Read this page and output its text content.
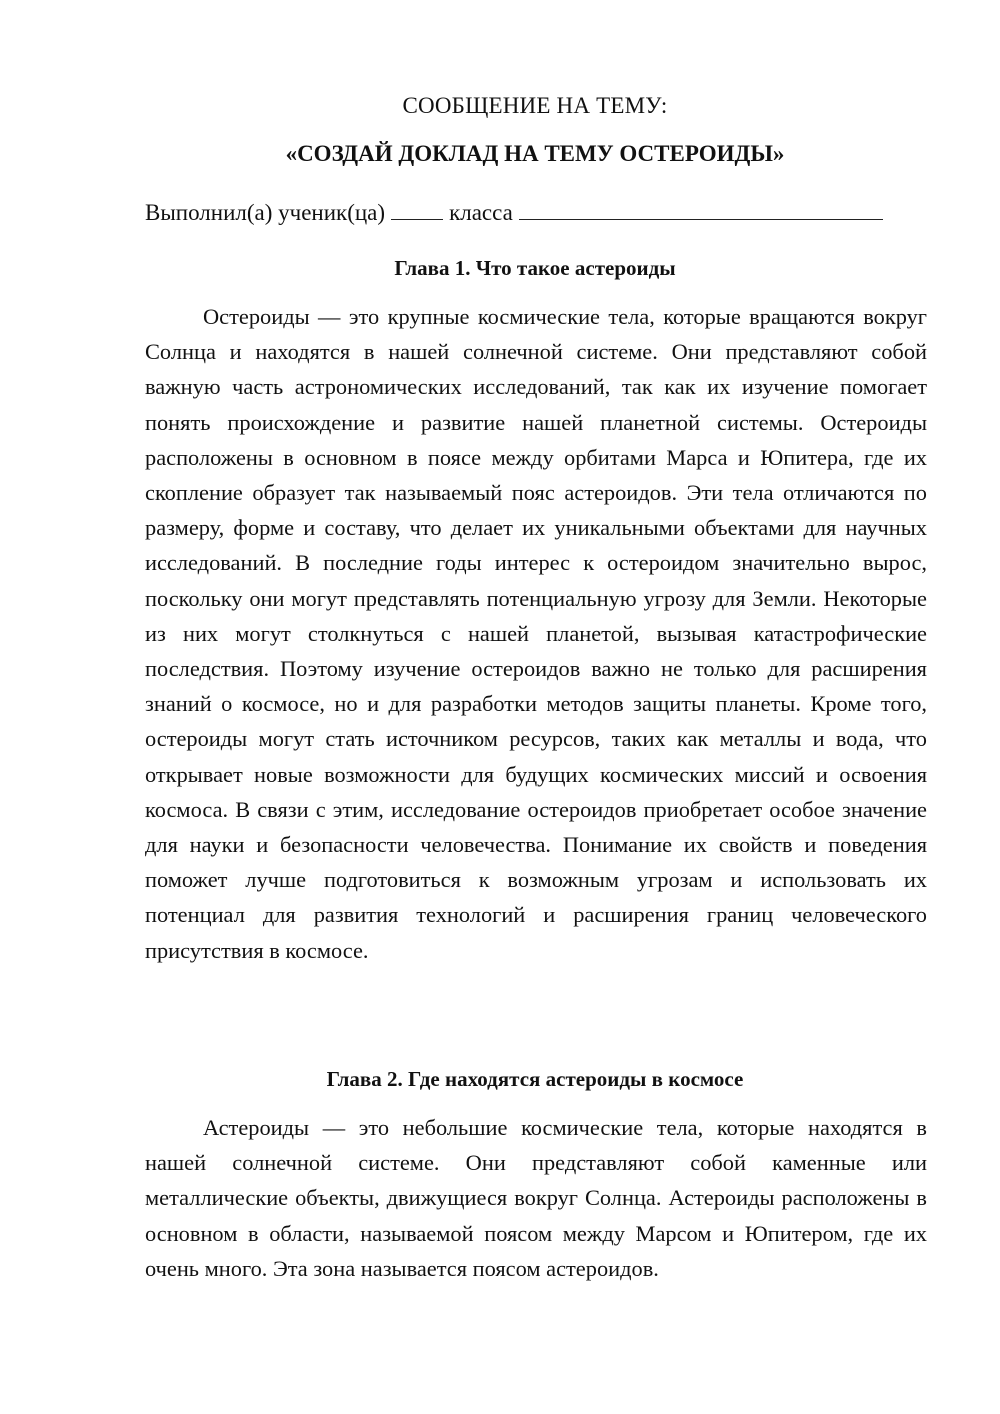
СООБЩЕНИЕ НА ТЕМУ:
«СОЗДАЙ ДОКЛАД НА ТЕМУ ОСТЕРОИДЫ»
Выполнил(а) ученик(ца)	класса
Глава 1. Что такое астероиды

Остероиды — это крупные космические тела, которые вращаются вокруг Солнца и находятся в нашей солнечной системе. Они представляют собой важную часть астрономических исследований, так как их изучение помогает понять происхождение и развитие нашей планетной системы. Остероиды расположены в основном в поясе между орбитами Марса и Юпитера, где их скопление образует так называемый пояс астероидов. Эти тела отличаются по размеру, форме и составу, что делает их уникальными объектами для научных исследований. В последние годы интерес к остероидом значительно вырос, поскольку они могут представлять потенциальную угрозу для Земли. Некоторые из них могут столкнуться с нашей планетой, вызывая катастрофические последствия. Поэтому изучение остероидов важно не только для расширения знаний о космосе, но и для разработки методов защиты планеты. Кроме того, остероиды могут стать источником ресурсов, таких как металлы и вода, что открывает новые возможности для будущих космических миссий и освоения космоса. В связи с этим, исследование остероидов приобретает особое значение для науки и безопасности человечества. Понимание их свойств и поведения поможет лучше подготовиться к возможным угрозам и использовать их потенциал для развития технологий и расширения границ человеческого присутствия в космосе.

Глава 2. Где находятся астероиды в космосе

Астероиды — это небольшие космические тела, которые находятся в нашей солнечной системе. Они представляют собой каменные или металлические объекты, движущиеся вокруг Солнца. Астероиды расположены в основном в области, называемой поясом между Марсом и Юпитером, где их очень много. Эта зона называется поясом астероидов.
